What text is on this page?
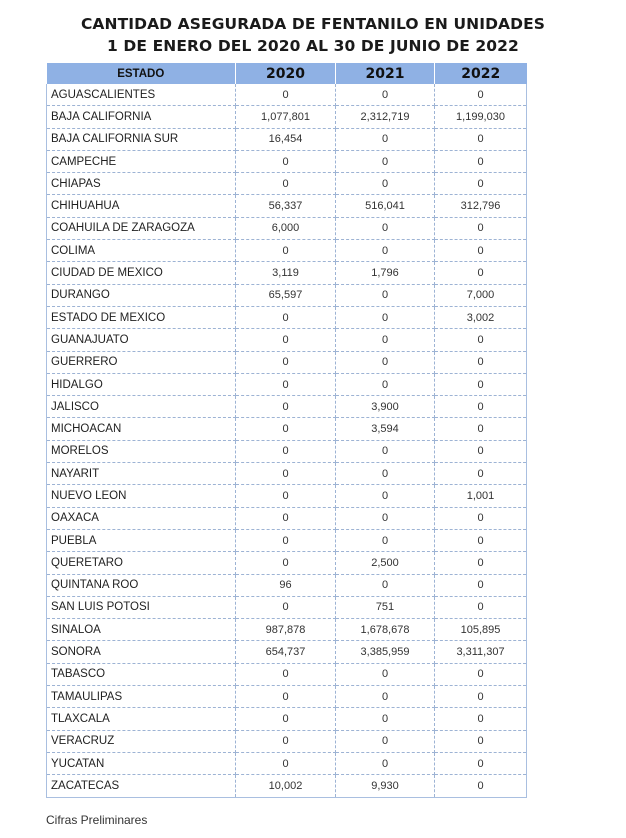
CANTIDAD ASEGURADA DE FENTANILO EN UNIDADES
1 DE ENERO DEL 2020 AL 30 DE JUNIO DE 2022
ESTADO	2020	2021	2022
AGUASCALIENTES	0	0	0
BAJA CALIFORNIA	1,077,801	2,312,719	1,199,030
BAJA CALIFORNIA SUR	16,454	0	0
CAMPECHE	0	0	0
CHIAPAS	0	0	0
CHIHUAHUA	56,337	516,041	312,796
COAHUILA DE ZARAGOZA	6,000	0	0
COLIMA	0	0	0
CIUDAD DE MEXICO	3,119	1,796	0
DURANGO	65,597	0	7,000
ESTADO DE MEXICO	0	0	3,002
GUANAJUATO	0	0	0
GUERRERO	0	0	0
HIDALGO	0	0	0
JALISCO	0	3,900	0
MICHOACAN	0	3,594	0
MORELOS	0	0	0
NAYARIT	0	0	0
NUEVO LEON	0	0	1,001
OAXACA	0	0	0
PUEBLA	0	0	0
QUERETARO	0	2,500	0
QUINTANA ROO	96	0	0
SAN LUIS POTOSI	0	751	0
SINALOA	987,878	1,678,678	105,895
SONORA	654,737	3,385,959	3,311,307
TABASCO	0	0	0
TAMAULIPAS	0	0	0
TLAXCALA	0	0	0
VERACRUZ	0	0	0
YUCATAN	0	0	0
ZACATECAS	10,002	9,930	0
Cifras Preliminares
